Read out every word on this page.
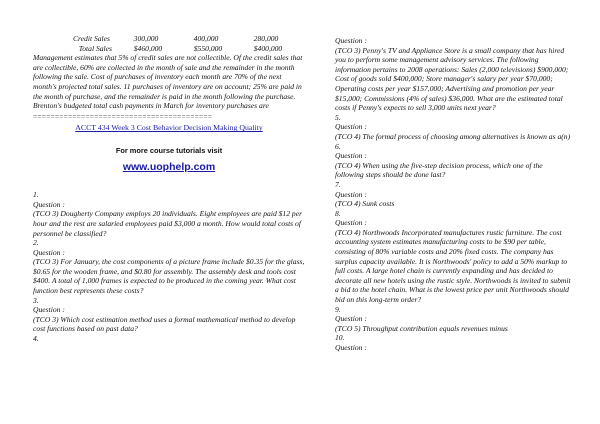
Credit Sales	300,000	400,000	280,000
Total Sales	$460,000	$550,000	$400,000

Management estimates that 5% of credit sales are not collectible. Of the credit sales that are collectible, 60% are collected in the month of sale and the remainder in the month following the sale. Cost of purchases of inventory each month are 70% of the next month's projected total sales. 11 purchases of inventory are on account; 25% are paid in the month of purchase, and the remainder is paid in the month following the purchase. Brenton's budgeted total cash payments in March for inventory purchases are

=========================================
ACCT 434 Week 3 Cost Behavior Decision Making Quality
For more course tutorials visit
www.uophelp.com

1.

Question :

(TCO 3) Dougherty Company employs 20 individuals. Eight employees are paid $12 per hour and the rest are salaried employees paid $3,000 a month. How would total costs of personnel be classified?

2.

Question :

(TCO 3) For January, the cost components of a picture frame include $0.35 for the glass, $0.65 for the wooden frame, and $0.80 for assembly. The assembly desk and tools cost $400. A total of 1,000 frames is expected to be produced in the coming year. What cost function best represents these costs?

3.

Question :

(TCO 3) Which cost estimation method uses a formal mathematical method to develop cost functions based on past data?

4.

Question :

(TCO 3) Penny's TV and Appliance Store is a small company that has hired you to perform some management advisory services. The following information pertains to 2008 operations: Sales (2,000 televisions) $900,000; Cost of goods sold $400,000; Store manager's salary per year $70,000; Operating costs per year $157,000; Advertising and promotion per year $15,000; Commissions (4% of sales) $36,000. What are the estimated total costs if Penny's expects to sell 3,000 units next year?

5.

Question :

(TCO 4) The formal process of choosing among alternatives is known as a(n)

6.

Question :

(TCO 4) When using the five-step decision process, which one of the following steps should be done last?

7.

Question :

(TCO 4) Sunk costs

8.

Question :

(TCO 4) Northwoods Incorporated manufactures rustic furniture. The cost accounting system estimates manufacturing costs to be $90 per table, consisting of 80% variable costs and 20% fixed costs. The company has surplus capacity available. It is Northwoods' policy to add a 50% markup to full costs. A large hotel chain is currently expanding and has decided to decorate all new hotels using the rustic style. Northwoods is invited to submit a bid to the hotel chain. What is the lowest price per unit Northwoods should bid on this long-term order?

9.

Question :

(TCO 5) Throughput contribution equals revenues minus

10.

Question :
